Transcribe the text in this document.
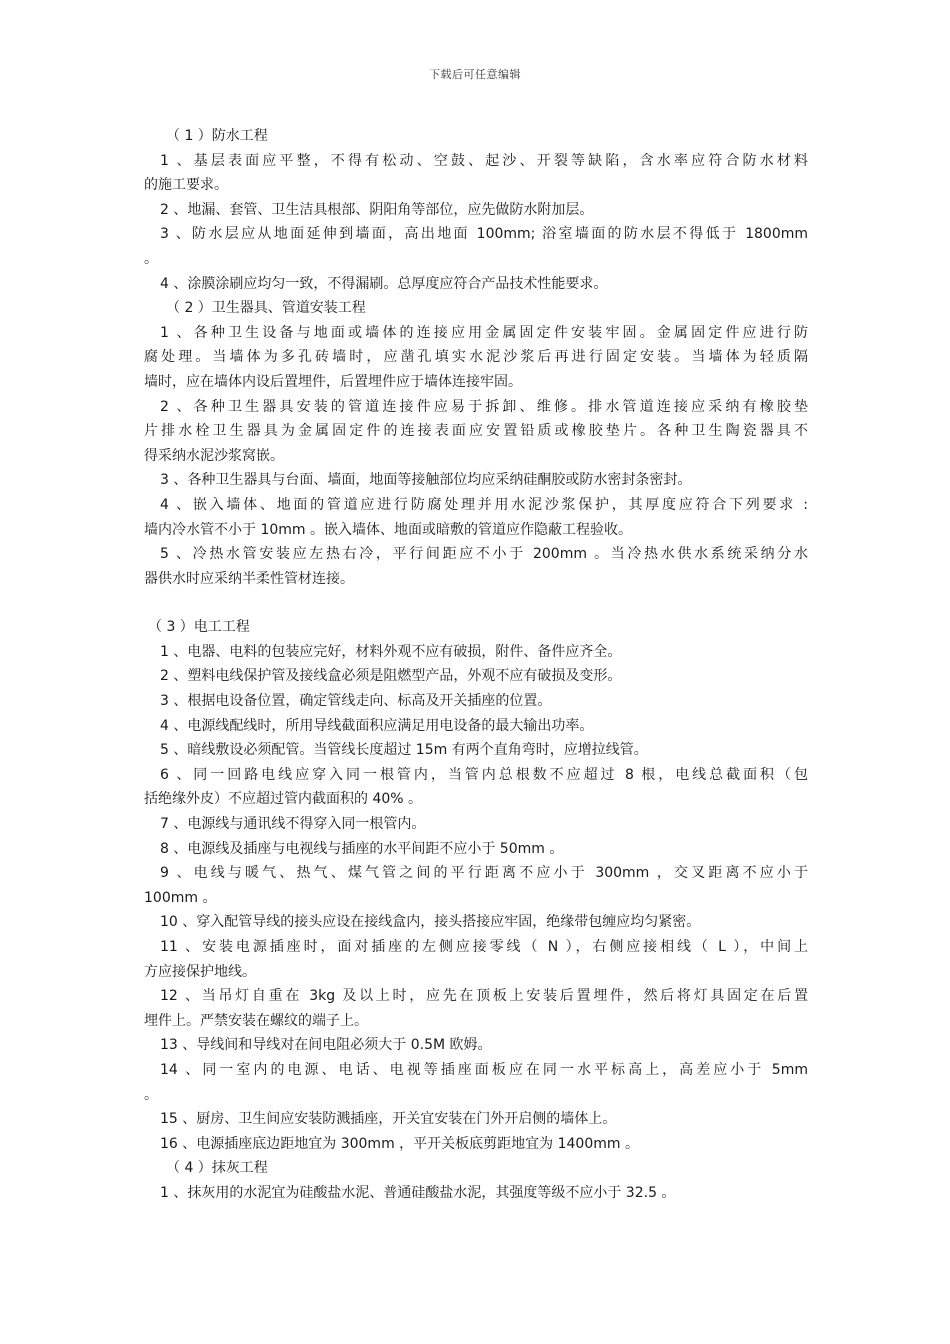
下载后可任意编辑
（ 1 ）防水工程
1 、基层表面应平整，不得有松动、空鼓、起沙、开裂等缺陷，含水率应符合防水材料
的施工要求。
2 、地漏、套管、卫生洁具根部、阴阳角等部位，应先做防水附加层。
3 、防水层应从地面延伸到墙面，高出地面 100mm; 浴室墙面的防水层不得低于 1800mm
。
4 、涂膜涂刷应均匀一致，不得漏刷。总厚度应符合产品技术性能要求。
（ 2 ）卫生器具、管道安装工程
1 、各种卫生设备与地面或墙体的连接应用金属固定件安装牢固。金属固定件应进行防
腐处理。当墙体为多孔砖墙时，应凿孔填实水泥沙浆后再进行固定安装。当墙体为轻质隔
墙时，应在墙体内设后置埋件，后置埋件应于墙体连接牢固。
2 、各种卫生器具安装的管道连接件应易于拆卸、维修。排水管道连接应采纳有橡胶垫
片排水栓卫生器具为金属固定件的连接表面应安置铅质或橡胶垫片。各种卫生陶瓷器具不
得采纳水泥沙浆窝嵌。
3 、各种卫生器具与台面、墙面，地面等接触部位均应采纳硅酮胶或防水密封条密封。
4 、嵌入墙体、地面的管道应进行防腐处理并用水泥沙浆保护，其厚度应符合下列要求 :
墙内冷水管不小于 10mm 。嵌入墙体、地面或暗敷的管道应作隐蔽工程验收。
5 、冷热水管安装应左热右冷，平行间距应不小于 200mm 。当冷热水供水系统采纳分水
器供水时应采纳半柔性管材连接。
（ 3 ）电工工程
1 、电器、电料的包装应完好，材料外观不应有破损，附件、备件应齐全。
2 、塑料电线保护管及接线盒必须是阻燃型产品，外观不应有破损及变形。
3 、根据电设备位置，确定管线走向、标高及开关插座的位置。
4 、电源线配线时，所用导线截面积应满足用电设备的最大输出功率。
5 、暗线敷设必须配管。当管线长度超过 15m 有两个直角弯时，应增拉线管。
6 、同一回路电线应穿入同一根管内，当管内总根数不应超过 8 根，电线总截面积（包
括绝缘外皮）不应超过管内截面积的 40% 。
7 、电源线与通讯线不得穿入同一根管内。
8 、电源线及插座与电视线与插座的水平间距不应小于 50mm 。
9 、电线与暖气、热气、煤气管之间的平行距离不应小于 300mm ，交叉距离不应小于
100mm 。
10 、穿入配管导线的接头应设在接线盒内，接头搭接应牢固，绝缘带包缠应均匀紧密。
11 、安装电源插座时，面对插座的左侧应接零线（ N ），右侧应接相线（ L ），中间上
方应接保护地线。
12 、当吊灯自重在 3kg 及以上时，应先在顶板上安装后置埋件，然后将灯具固定在后置
埋件上。严禁安装在螺纹的端子上。
13 、导线间和导线对在间电阻必须大于 0.5M 欧姆。
14 、同一室内的电源、电话、电视等插座面板应在同一水平标高上，高差应小于 5mm
。
15 、厨房、卫生间应安装防溅插座，开关宜安装在门外开启侧的墙体上。
16 、电源插座底边距地宜为 300mm ，平开关板底剪距地宜为 1400mm 。
（ 4 ）抹灰工程
1 、抹灰用的水泥宜为硅酸盐水泥、普通硅酸盐水泥，其强度等级不应小于 32.5 。
